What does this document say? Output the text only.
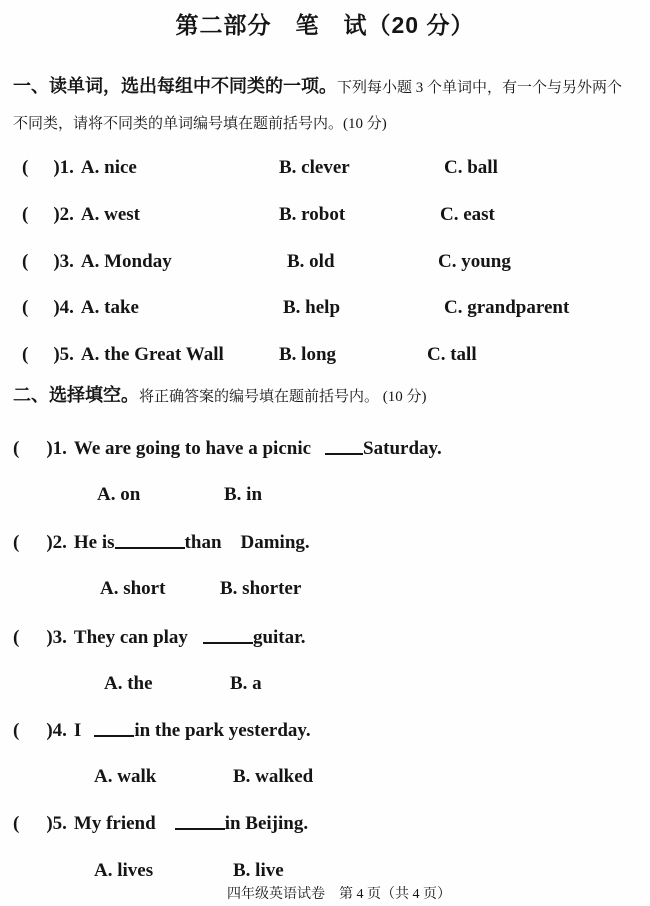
第二部分　笔　试（20 分）
一、读单词，选出每组中不同类的一项。下列每小题 3 个单词中，有一个与另外两个
不同类，请将不同类的单词编号填在题前括号内。(10 分)
( )1. A. nice	B. clever	C. ball
( )2. A. west	B. robot	C. east
( )3. A. Monday	B. old	C. young
( )4. A. take	B. help	C. grandparent
( )5. A. the Great Wall	B. long	C. tall
二、选择填空。将正确答案的编号填在题前括号内。 (10 分)
( )1. We are going to have a picnic	Saturday.
A. on	B. in
( )2. He is	than    Daming.
A. short	B. shorter
( )3. They can play	guitar.
A. the	B. a
( )4. I	in the park yesterday.
A. walk	B. walked
( )5. My friend	in Beijing.
A. lives	B. live
四年级英语试卷　第 4 页（共 4 页）
